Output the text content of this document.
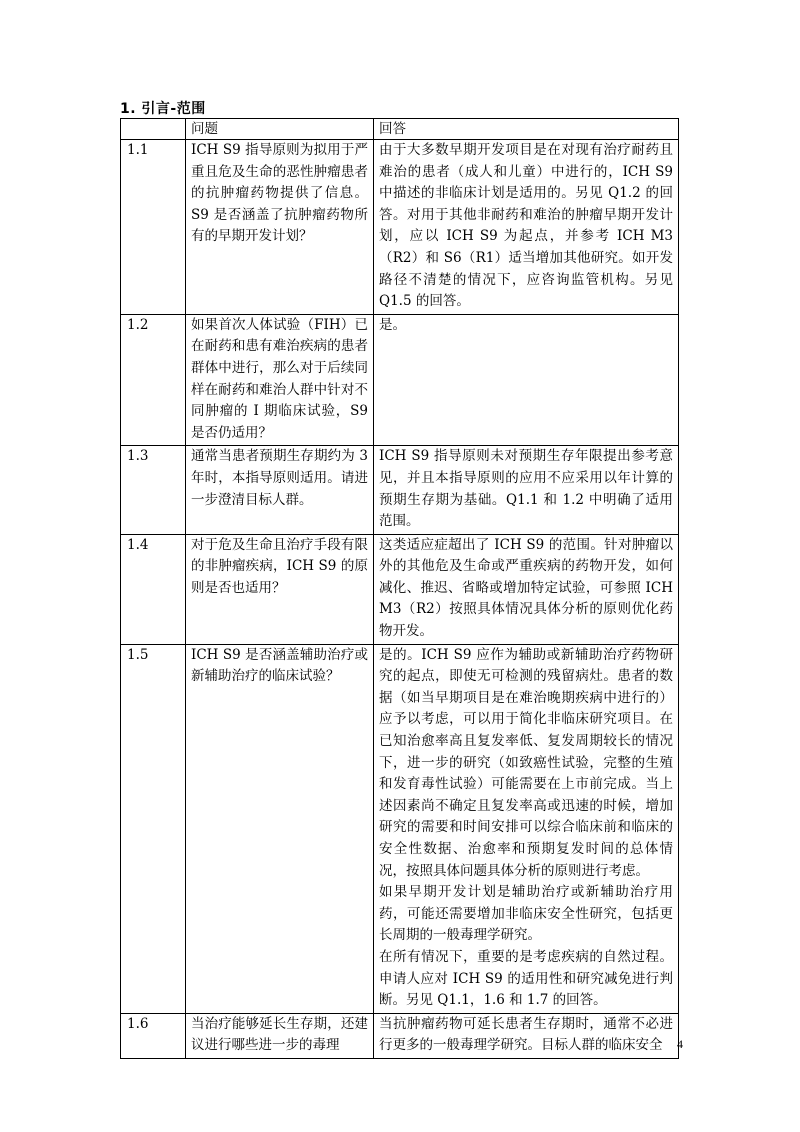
1. 引言-范围
	问题	回答
1.1	ICH S9 指导原则为拟用于严重且危及生命的恶性肿瘤患者的抗肿瘤药物提供了信息。 S9 是否涵盖了抗肿瘤药物所有的早期开发计划？	由于大多数早期开发项目是在对现有治疗耐药且难治的患者（成人和儿童）中进行的，ICH S9 中描述的非临床计划是适用的。另见 Q1.2 的回答。对用于其他非耐药和难治的肿瘤早期开发计划，应以 ICH S9 为起点，并参考 ICH M3（R2）和 S6（R1）适当增加其他研究。如开发路径不清楚的情况下，应咨询监管机构。另见 Q1.5 的回答。

1.2	如果首次人体试验（FIH）已在耐药和患有难治疾病的患者群体中进行，那么对于后续同样在耐药和难治人群中针对不同肿瘤的 I 期临床试验，S9 是否仍适用？	是。

1.3	通常当患者预期生存期约为 3 年时，本指导原则适用。请进一步澄清目标人群。	ICH S9 指导原则未对预期生存年限提出参考意见，并且本指导原则的应用不应采用以年计算的预期生存期为基础。Q1.1 和 1.2 中明确了适用范围。

1.4	对于危及生命且治疗手段有限的非肿瘤疾病，ICH S9 的原则是否也适用？	这类适应症超出了 ICH S9 的范围。针对肿瘤以外的其他危及生命或严重疾病的药物开发，如何减化、推迟、省略或增加特定试验，可参照 ICH M3（R2）按照具体情况具体分析的原则优化药物开发。

1.5	ICH S9 是否涵盖辅助治疗或新辅助治疗的临床试验？	是的。ICH S9 应作为辅助或新辅助治疗药物研究的起点，即使无可检测的残留病灶。患者的数据（如当早期项目是在难治晚期疾病中进行的）应予以考虑，可以用于简化非临床研究项目。在已知治愈率高且复发率低、复发周期较长的情况下，进一步的研究（如致癌性试验，完整的生殖和发育毒性试验）可能需要在上市前完成。当上述因素尚不确定且复发率高或迅速的时候，增加研究的需要和时间安排可以综合临床前和临床的安全性数据、治愈率和预期复发时间的总体情况，按照具体问题具体分析的原则进行考虑。
如果早期开发计划是辅助治疗或新辅助治疗用药，可能还需要增加非临床安全性研究，包括更长周期的一般毒理学研究。
在所有情况下，重要的是考虑疾病的自然过程。申请人应对 ICH S9 的适用性和研究减免进行判断。另见 Q1.1，1.6 和 1.7 的回答。

1.6	当治疗能够延长生存期，还建议进行哪些进一步的毒理	当抗肿瘤药物可延长患者生存期时，通常不必进行更多的一般毒理学研究。目标人群的临床安全	4
